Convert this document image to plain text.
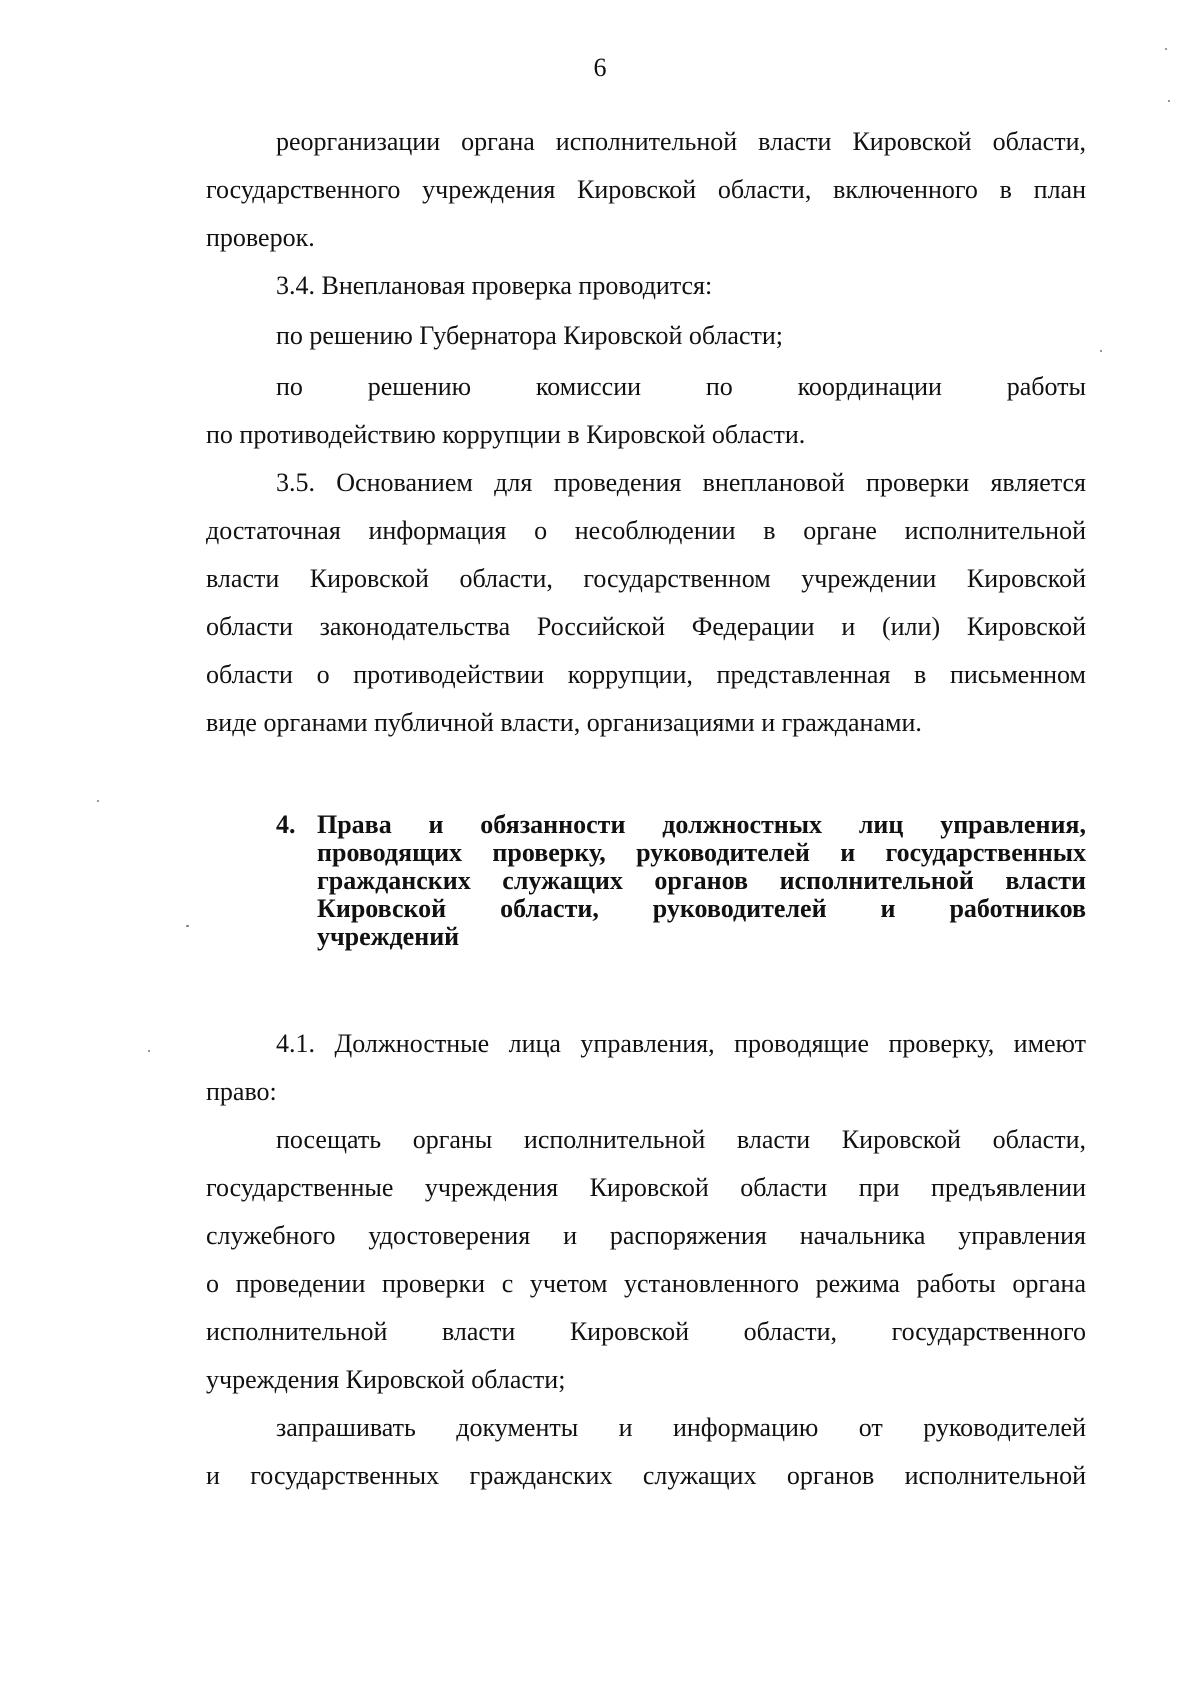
6
реорганизации органа исполнительной власти Кировской области,
государственного учреждения Кировской области, включенного в план
проверок.
3.4. Внеплановая проверка проводится:
по решению Губернатора Кировской области;
по решению комиссии по координации работы
по противодействию коррупции в Кировской области.
3.5. Основанием для проведения внеплановой проверки является
достаточная информация о несоблюдении в органе исполнительной
власти Кировской области, государственном учреждении Кировской
области законодательства Российской Федерации и (или) Кировской
области о противодействии коррупции, представленная в письменном
виде органами публичной власти, организациями и гражданами.
4. Права и обязанности должностных лиц управления,
проводящих проверку, руководителей и государственных
гражданских служащих органов исполнительной власти
Кировской области, руководителей и работников
учреждений
4.1. Должностные лица управления, проводящие проверку, имеют
право:
посещать органы исполнительной власти Кировской области,
государственные учреждения Кировской области при предъявлении
служебного удостоверения и распоряжения начальника управления
о проведении проверки с учетом установленного режима работы органа
исполнительной власти Кировской области, государственного
учреждения Кировской области;
запрашивать документы и информацию от руководителей
и государственных гражданских служащих органов исполнительной
